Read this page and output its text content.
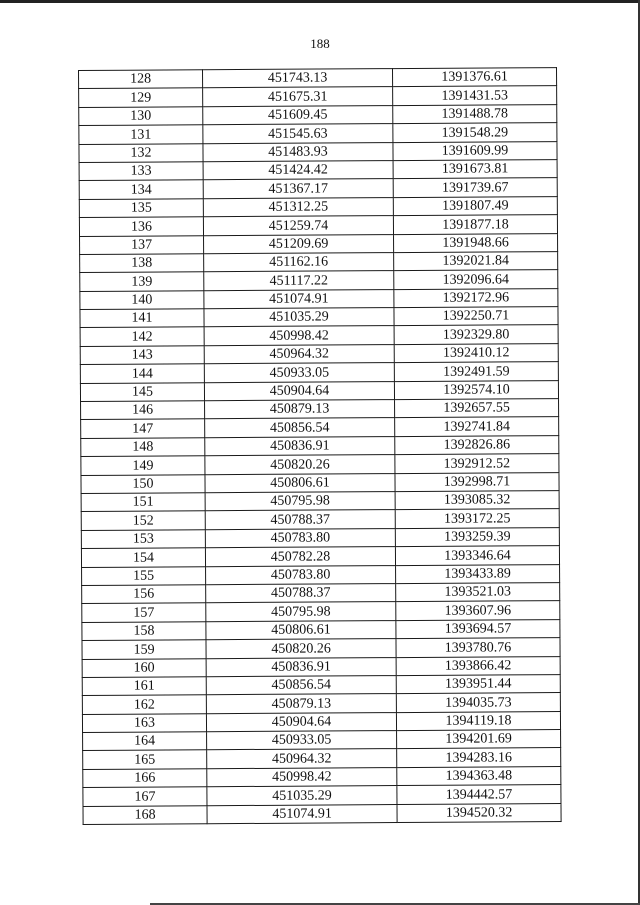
188
128	451743.13	1391376.61
129	451675.31	1391431.53
130	451609.45	1391488.78
131	451545.63	1391548.29
132	451483.93	1391609.99
133	451424.42	1391673.81
134	451367.17	1391739.67
135	451312.25	1391807.49
136	451259.74	1391877.18
137	451209.69	1391948.66
138	451162.16	1392021.84
139	451117.22	1392096.64
140	451074.91	1392172.96
141	451035.29	1392250.71
142	450998.42	1392329.80
143	450964.32	1392410.12
144	450933.05	1392491.59
145	450904.64	1392574.10
146	450879.13	1392657.55
147	450856.54	1392741.84
148	450836.91	1392826.86
149	450820.26	1392912.52
150	450806.61	1392998.71
151	450795.98	1393085.32
152	450788.37	1393172.25
153	450783.80	1393259.39
154	450782.28	1393346.64
155	450783.80	1393433.89
156	450788.37	1393521.03
157	450795.98	1393607.96
158	450806.61	1393694.57
159	450820.26	1393780.76
160	450836.91	1393866.42
161	450856.54	1393951.44
162	450879.13	1394035.73
163	450904.64	1394119.18
164	450933.05	1394201.69
165	450964.32	1394283.16
166	450998.42	1394363.48
167	451035.29	1394442.57
168	451074.91	1394520.32
